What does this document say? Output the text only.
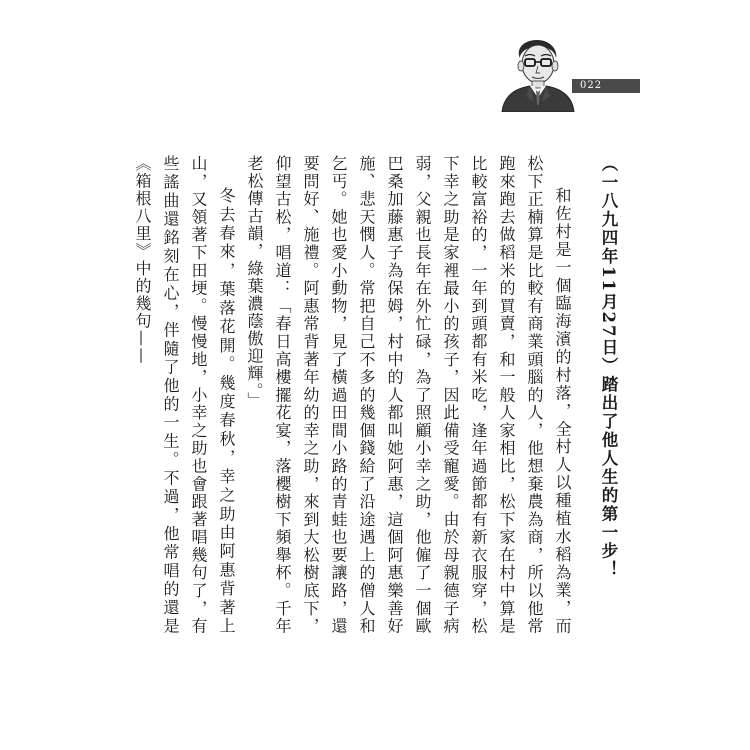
022
（一八九四年11月27日）踏出了他人生的第一步！

和佐村是一個臨海濱的村落，全村人以種植水稻為業，而松下正楠算是比較有商業頭腦的人，他想棄農為商，所以他常跑來跑去做稻米的買賣，和一般人家相比，松下家在村中算是比較富裕的，一年到頭都有米吃，逢年過節都有新衣服穿，松下幸之助是家裡最小的孩子，因此備受寵愛。由於母親德子病弱，父親也長年在外忙碌，為了照顧小幸之助，他僱了一個歐巴桑加藤惠子為保姆，村中的人都叫她阿惠，這個阿惠樂善好施、悲天憫人。常把自己不多的幾個錢給了沿途遇上的僧人和乞丐。她也愛小動物，見了橫過田間小路的青蛙也要讓路，還要問好、施禮。阿惠常背著年幼的幸之助，來到大松樹底下，仰望古松，唱道：「春日高樓擺花宴，落櫻樹下頻舉杯。千年老松傳古韻，綠葉濃蔭傲迎輝。」

冬去春來，葉落花開。幾度春秋，幸之助由阿惠背著上山，又領著下田埂。慢慢地，小幸之助也會跟著唱幾句了，有些謠曲還銘刻在心，伴隨了他的一生。不過，他常唱的還是《箱根八里》中的幾句——
